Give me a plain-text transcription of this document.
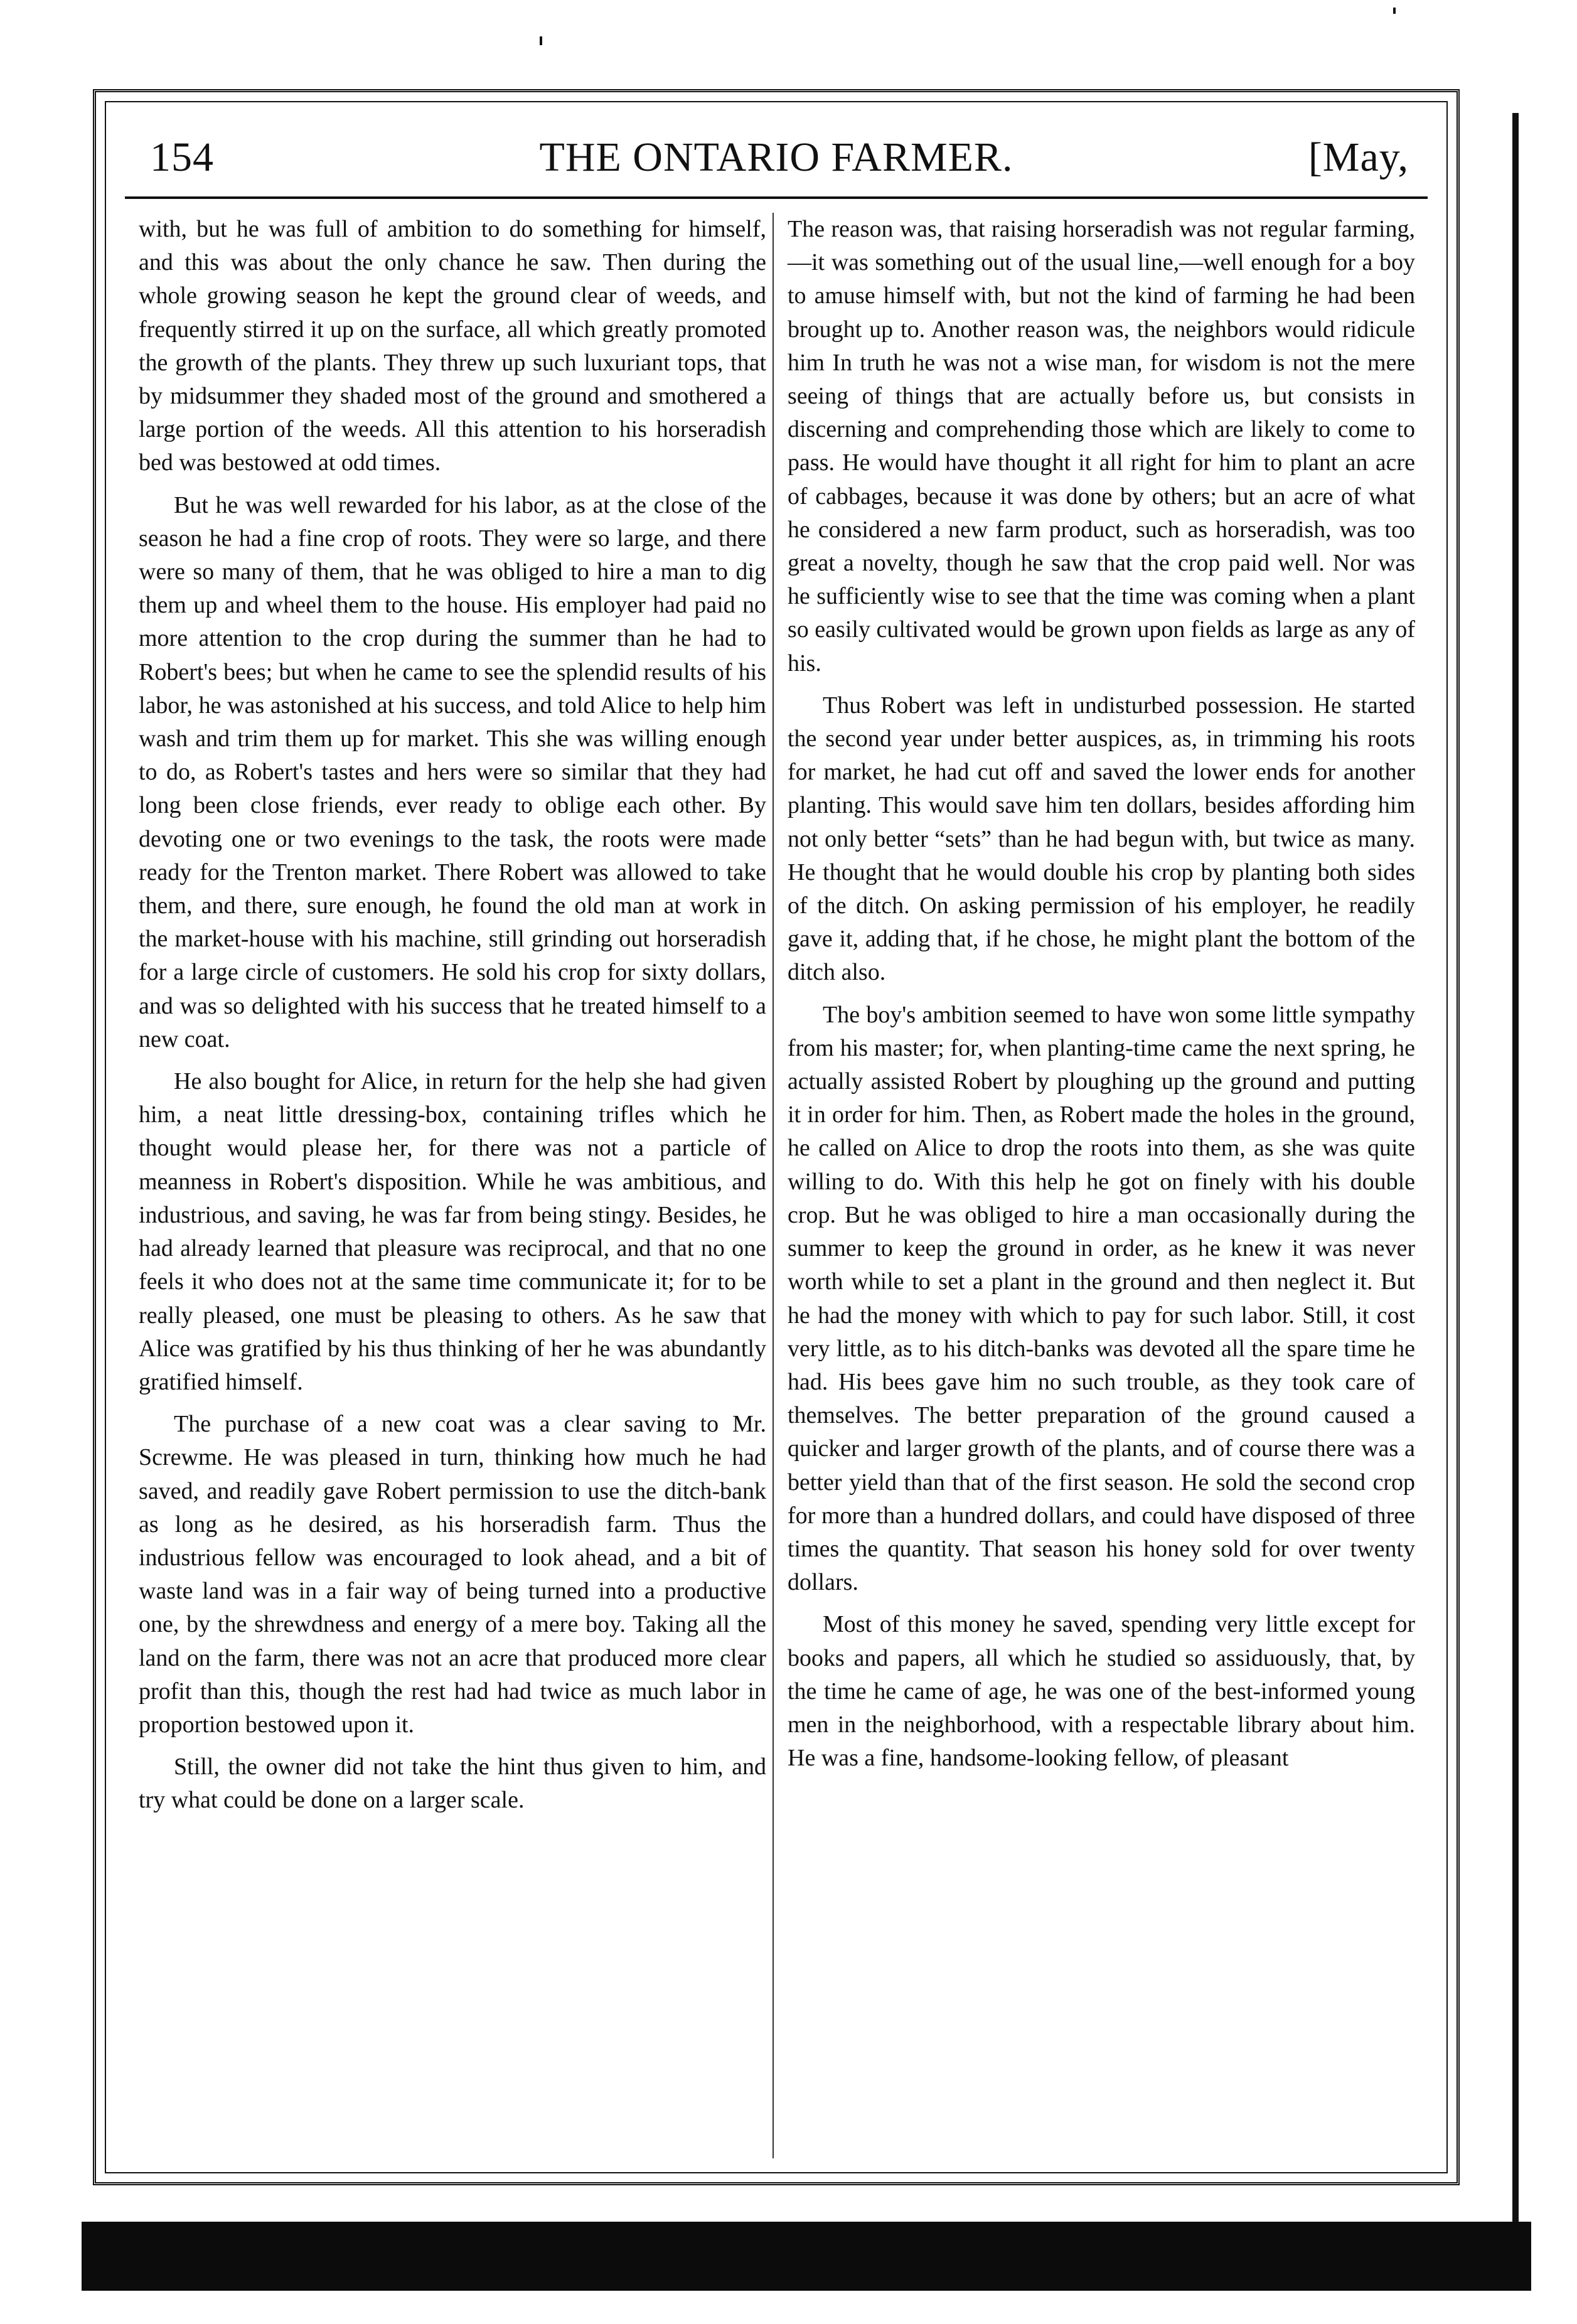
154	THE ONTARIO FARMER.	[May,

with, but he was full of ambition to do something for himself, and this was about the only chance he saw. Then during the whole growing season he kept the ground clear of weeds, and frequently stirred it up on the surface, all which greatly promoted the growth of the plants. They threw up such luxuriant tops, that by midsummer they shaded most of the ground and smothered a large portion of the weeds. All this attention to his horseradish bed was bestowed at odd times.

But he was well rewarded for his labor, as at the close of the season he had a fine crop of roots. They were so large, and there were so many of them, that he was obliged to hire a man to dig them up and wheel them to the house. His employer had paid no more attention to the crop during the summer than he had to Robert's bees; but when he came to see the splendid results of his labor, he was astonished at his success, and told Alice to help him wash and trim them up for market. This she was willing enough to do, as Robert's tastes and hers were so similar that they had long been close friends, ever ready to oblige each other. By devoting one or two evenings to the task, the roots were made ready for the Trenton market. There Robert was allowed to take them, and there, sure enough, he found the old man at work in the market-house with his machine, still grinding out horseradish for a large circle of customers. He sold his crop for sixty dollars, and was so delighted with his success that he treated himself to a new coat.

He also bought for Alice, in return for the help she had given him, a neat little dressing-box, containing trifles which he thought would please her, for there was not a particle of meanness in Robert's disposition. While he was ambitious, and industrious, and saving, he was far from being stingy. Besides, he had already learned that pleasure was reciprocal, and that no one feels it who does not at the same time communicate it; for to be really pleased, one must be pleasing to others. As he saw that Alice was gratified by his thus thinking of her he was abundantly gratified himself.

The purchase of a new coat was a clear saving to Mr. Screwme. He was pleased in turn, thinking how much he had saved, and readily gave Robert permission to use the ditch-bank as long as he desired, as his horseradish farm. Thus the industrious fellow was encouraged to look ahead, and a bit of waste land was in a fair way of being turned into a productive one, by the shrewdness and energy of a mere boy. Taking all the land on the farm, there was not an acre that produced more clear profit than this, though the rest had had twice as much labor in proportion bestowed upon it.

Still, the owner did not take the hint thus given to him, and try what could be done on a larger scale.

The reason was, that raising horseradish was not regular farming,—it was something out of the usual line,—well enough for a boy to amuse himself with, but not the kind of farming he had been brought up to. Another reason was, the neighbors would ridicule him In truth he was not a wise man, for wisdom is not the mere seeing of things that are actually before us, but consists in discerning and comprehending those which are likely to come to pass. He would have thought it all right for him to plant an acre of cabbages, because it was done by others; but an acre of what he considered a new farm product, such as horseradish, was too great a novelty, though he saw that the crop paid well. Nor was he sufficiently wise to see that the time was coming when a plant so easily cultivated would be grown upon fields as large as any of his.

Thus Robert was left in undisturbed possession. He started the second year under better auspices, as, in trimming his roots for market, he had cut off and saved the lower ends for another planting. This would save him ten dollars, besides affording him not only better “sets” than he had begun with, but twice as many. He thought that he would double his crop by planting both sides of the ditch. On asking permission of his employer, he readily gave it, adding that, if he chose, he might plant the bottom of the ditch also.

The boy's ambition seemed to have won some little sympathy from his master; for, when planting-time came the next spring, he actually assisted Robert by ploughing up the ground and putting it in order for him. Then, as Robert made the holes in the ground, he called on Alice to drop the roots into them, as she was quite willing to do. With this help he got on finely with his double crop. But he was obliged to hire a man occasionally during the summer to keep the ground in order, as he knew it was never worth while to set a plant in the ground and then neglect it. But he had the money with which to pay for such labor. Still, it cost very little, as to his ditch-banks was devoted all the spare time he had. His bees gave him no such trouble, as they took care of themselves. The better preparation of the ground caused a quicker and larger growth of the plants, and of course there was a better yield than that of the first season. He sold the second crop for more than a hundred dollars, and could have disposed of three times the quantity. That season his honey sold for over twenty dollars.

Most of this money he saved, spending very little except for books and papers, all which he studied so assiduously, that, by the time he came of age, he was one of the best-informed young men in the neighborhood, with a respectable library about him. He was a fine, handsome-looking fellow, of pleasant
